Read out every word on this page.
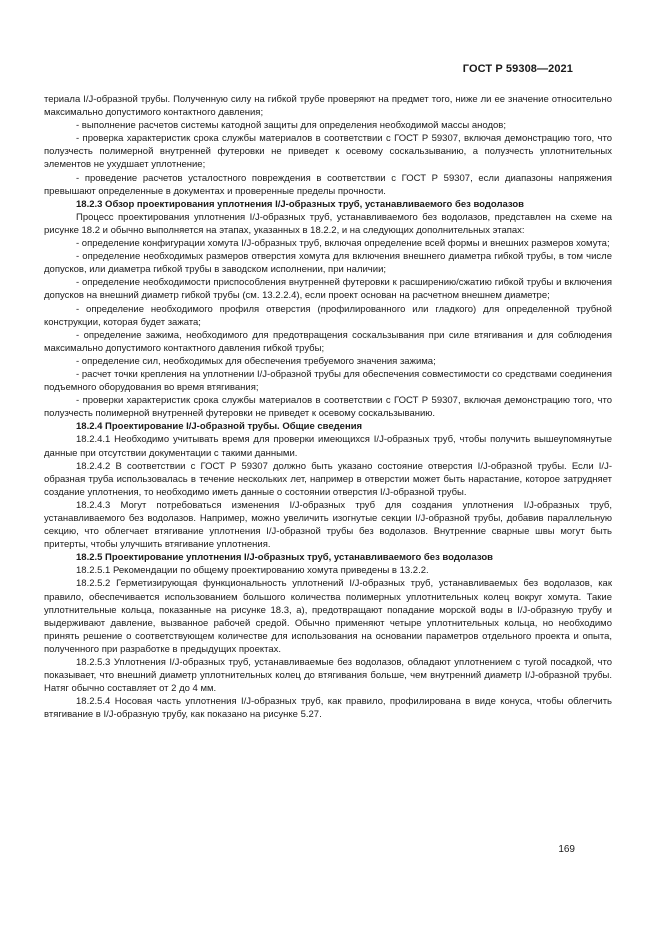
ГОСТ Р 59308—2021

териала I/J-образной трубы. Полученную силу на гибкой трубе проверяют на предмет того, ниже ли ее значение относительно максимально допустимого контактного давления;

- выполнение расчетов системы катодной защиты для определения необходимой массы анодов;

- проверка характеристик срока службы материалов в соответствии с ГОСТ Р 59307, включая демонстрацию того, что полузчесть полимерной внутренней футеровки не приведет к осевому соскальзыванию, а полузчесть уплотнительных элементов не ухудшает уплотнение;

- проведение расчетов усталостного повреждения в соответствии с ГОСТ Р 59307, если диапазоны напряжения превышают определенные в документах и проверенные пределы прочности.

18.2.3 Обзор проектирования уплотнения I/J-образных труб, устанавливаемого без водолазов

Процесс проектирования уплотнения I/J-образных труб, устанавливаемого без водолазов, представлен на схеме на рисунке 18.2 и обычно выполняется на этапах, указанных в 18.2.2, и на следующих дополнительных этапах:

- определение конфигурации хомута I/J-образных труб, включая определение всей формы и внешних размеров хомута;

- определение необходимых размеров отверстия хомута для включения внешнего диаметра гибкой трубы, в том числе допусков, или диаметра гибкой трубы в заводском исполнении, при наличии;

- определение необходимости приспособления внутренней футеровки к расширению/сжатию гибкой трубы и включения допусков на внешний диаметр гибкой трубы (см. 13.2.2.4), если проект основан на расчетном внешнем диаметре;

- определение необходимого профиля отверстия (профилированного или гладкого) для определенной трубной конструкции, которая будет зажата;

- определение зажима, необходимого для предотвращения соскальзывания при силе втягивания и для соблюдения максимально допустимого контактного давления гибкой трубы;

- определение сил, необходимых для обеспечения требуемого значения зажима;

- расчет точки крепления на уплотнении I/J-образной трубы для обеспечения совместимости со средствами соединения подъемного оборудования во время втягивания;

- проверки характеристик срока службы материалов в соответствии с ГОСТ Р 59307, включая демонстрацию того, что полузчесть полимерной внутренней футеровки не приведет к осевому соскальзыванию.

18.2.4 Проектирование I/J-образной трубы. Общие сведения

18.2.4.1 Необходимо учитывать время для проверки имеющихся I/J-образных труб, чтобы получить вышеупомянутые данные при отсутствии документации с такими данными.

18.2.4.2 В соответствии с ГОСТ Р 59307 должно быть указано состояние отверстия I/J-образной трубы. Если I/J-образная труба использовалась в течение нескольких лет, например в отверстии может быть нарастание, которое затрудняет создание уплотнения, то необходимо иметь данные о состоянии отверстия I/J-образной трубы.

18.2.4.3 Могут потребоваться изменения I/J-образных труб для создания уплотнения I/J-образных труб, устанавливаемого без водолазов. Например, можно увеличить изогнутые секции I/J-образной трубы, добавив параллельную секцию, что облегчает втягивание уплотнения I/J-образной трубы без водолазов. Внутренние сварные швы могут быть притерты, чтобы улучшить втягивание уплотнения.

18.2.5 Проектирование уплотнения I/J-образных труб, устанавливаемого без водолазов

18.2.5.1 Рекомендации по общему проектированию хомута приведены в 13.2.2.

18.2.5.2 Герметизирующая функциональность уплотнений I/J-образных труб, устанавливаемых без водолазов, как правило, обеспечивается использованием большого количества полимерных уплотнительных колец вокруг хомута. Такие уплотнительные кольца, показанные на рисунке 18.3, а), предотвращают попадание морской воды в I/J-образную трубу и выдерживают давление, вызванное рабочей средой. Обычно применяют четыре уплотнительных кольца, но необходимо принять решение о соответствующем количестве для использования на основании параметров отдельного проекта и опыта, полученного при разработке в предыдущих проектах.

18.2.5.3 Уплотнения I/J-образных труб, устанавливаемые без водолазов, обладают уплотнением с тугой посадкой, что показывает, что внешний диаметр уплотнительных колец до втягивания больше, чем внутренний диаметр I/J-образной трубы. Натяг обычно составляет от 2 до 4 мм.

18.2.5.4 Носовая часть уплотнения I/J-образных труб, как правило, профилирована в виде конуса, чтобы облегчить втягивание в I/J-образную трубу, как показано на рисунке 5.27.

169
